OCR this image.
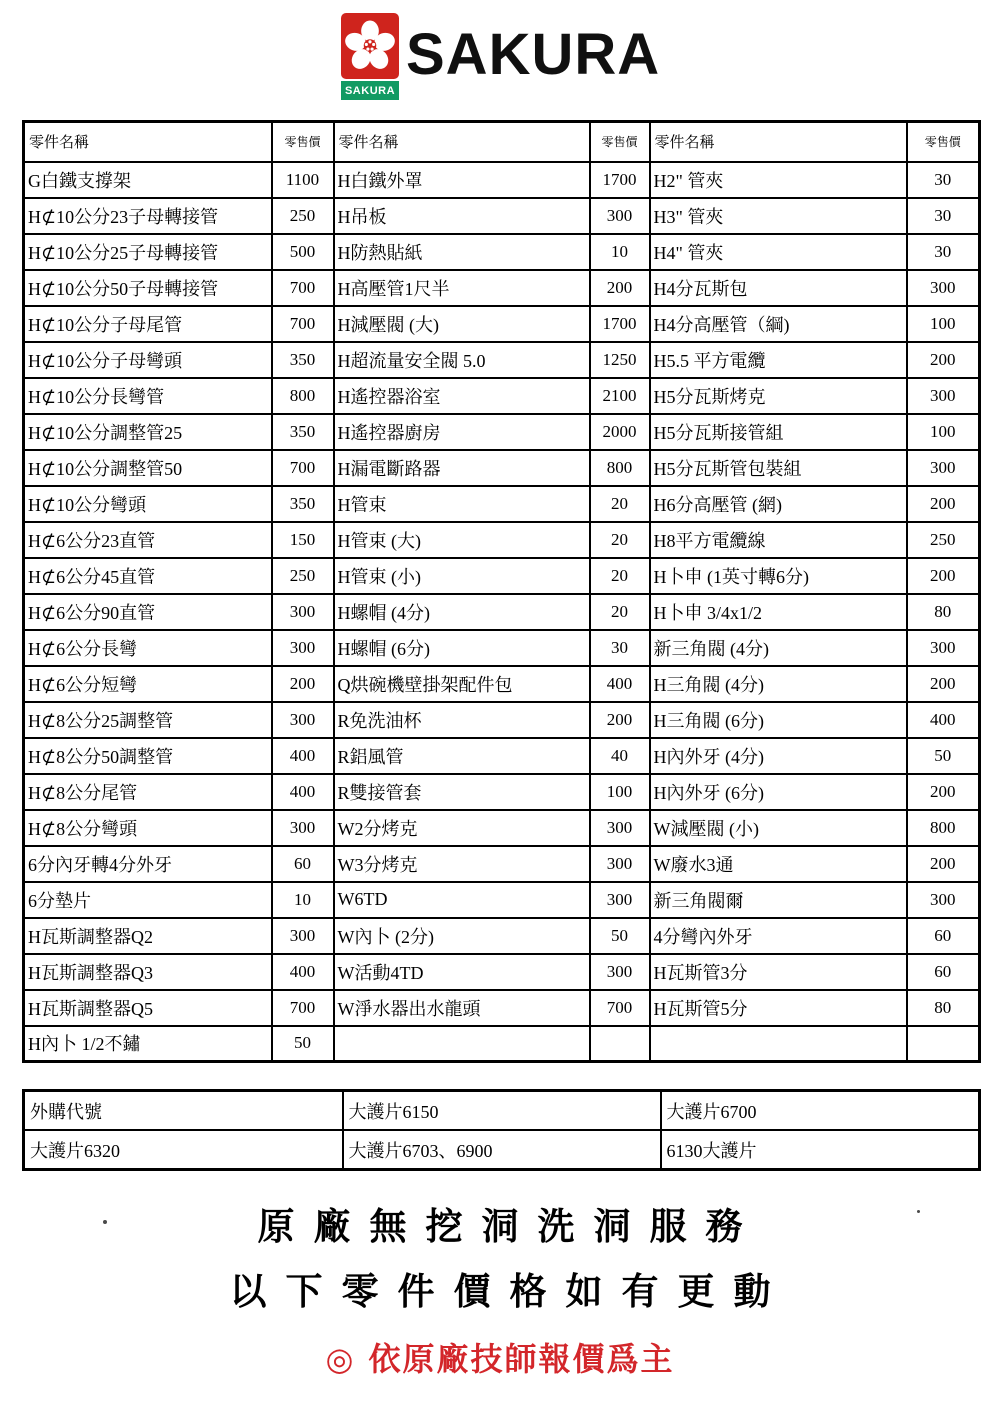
SAKURA
SAKURA
零件名稱	零售價	零件名稱	零售價	零件名稱	零售價
G白鐵支撐架	1100	H白鐵外罩	1700	H2" 管夾	30
H⊄10公分23子母轉接管	250	H吊板	300	H3" 管夾	30
H⊄10公分25子母轉接管	500	H防熱貼紙	10	H4" 管夾	30
H⊄10公分50子母轉接管	700	H高壓管1尺半	200	H4分瓦斯包	300
H⊄10公分子母尾管	700	H減壓閥 (大)	1700	H4分高壓管（綱)	100
H⊄10公分子母彎頭	350	H超流量安全閥 5.0	1250	H5.5 平方電纜	200
H⊄10公分長彎管	800	H遙控器浴室	2100	H5分瓦斯烤克	300
H⊄10公分調整管25	350	H遙控器廚房	2000	H5分瓦斯接管組	100
H⊄10公分調整管50	700	H漏電斷路器	800	H5分瓦斯管包裝組	300
H⊄10公分彎頭	350	H管束	20	H6分高壓管 (網)	200
H⊄6公分23直管	150	H管束 (大)	20	H8平方電纜線	250
H⊄6公分45直管	250	H管束 (小)	20	H卜申 (1英寸轉6分)	200
H⊄6公分90直管	300	H螺帽 (4分)	20	H卜申 3/4x1/2	80
H⊄6公分長彎	300	H螺帽 (6分)	30	新三角閥 (4分)	300
H⊄6公分短彎	200	Q烘碗機壁掛架配件包	400	H三角閥 (4分)	200
H⊄8公分25調整管	300	R免洗油杯	200	H三角閥 (6分)	400
H⊄8公分50調整管	400	R鋁風管	40	H內外牙 (4分)	50
H⊄8公分尾管	400	R雙接管套	100	H內外牙 (6分)	200
H⊄8公分彎頭	300	W2分烤克	300	W減壓閥 (小)	800
6分內牙轉4分外牙	60	W3分烤克	300	W廢水3通	200
6分墊片	10	W6TD	300	新三角閥爾	300
H瓦斯調整器Q2	300	W內卜 (2分)	50	4分彎內外牙	60
H瓦斯調整器Q3	400	W活動4TD	300	H瓦斯管3分	60
H瓦斯調整器Q5	700	W淨水器出水龍頭	700	H瓦斯管5分	80
H內卜 1/2不鏽	50				
外購代號	大護片6150	大護片6700
大護片6320	大護片6703、6900	6130大護片
原廠無挖洞洗洞服務
以下零件價格如有更動
◎ 依原廠技師報價爲主
